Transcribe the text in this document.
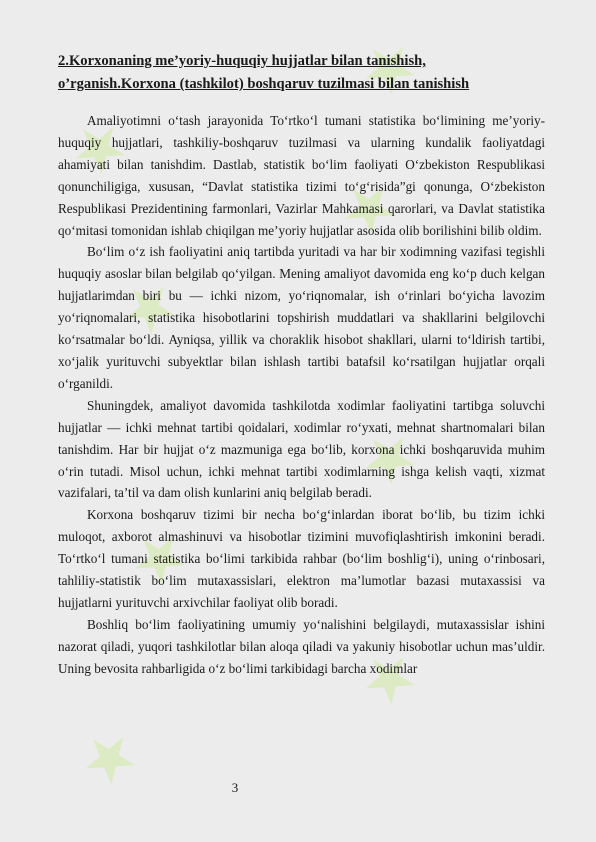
★
★
★
★
★
★
★
★
2.Korxonaning me’yoriy-huquqiy hujjatlar bilan tanishish,
o’rganish.Korxona (tashkilot) boshqaruv tuzilmasi bilan tanishish

Amaliyotimni o‘tash jarayonida To‘rtko‘l tumani statistika bo‘limining me’yoriy-huquqiy hujjatlari, tashkiliy-boshqaruv tuzilmasi va ularning kundalik faoliyatdagi ahamiyati bilan tanishdim. Dastlab, statistik bo‘lim faoliyati O‘zbekiston Respublikasi qonunchiligiga, xususan, “Davlat statistika tizimi to‘g‘risida”gi qonunga, O‘zbekiston Respublikasi Prezidentining farmonlari, Vazirlar Mahkamasi qarorlari, va Davlat statistika qo‘mitasi tomonidan ishlab chiqilgan me’yoriy hujjatlar asosida olib borilishini bilib oldim.

Bo‘lim o‘z ish faoliyatini aniq tartibda yuritadi va har bir xodimning vazifasi tegishli huquqiy asoslar bilan belgilab qo‘yilgan. Mening amaliyot davomida eng ko‘p duch kelgan hujjatlarimdan biri bu — ichki nizom, yo‘riqnomalar, ish o‘rinlari bo‘yicha lavozim yo‘riqnomalari, statistika hisobotlarini topshirish muddatlari va shakllarini belgilovchi ko‘rsatmalar bo‘ldi. Ayniqsa, yillik va choraklik hisobot shakllari, ularni to‘ldirish tartibi, xo‘jalik yurituvchi subyektlar bilan ishlash tartibi batafsil ko‘rsatilgan hujjatlar orqali o‘rganildi.

Shuningdek, amaliyot davomida tashkilotda xodimlar faoliyatini tartibga soluvchi hujjatlar — ichki mehnat tartibi qoidalari, xodimlar ro‘yxati, mehnat shartnomalari bilan tanishdim. Har bir hujjat o‘z mazmuniga ega bo‘lib, korxona ichki boshqaruvida muhim o‘rin tutadi. Misol uchun, ichki mehnat tartibi xodimlarning ishga kelish vaqti, xizmat vazifalari, ta’til va dam olish kunlarini aniq belgilab beradi.

Korxona boshqaruv tizimi bir necha bo‘g‘inlardan iborat bo‘lib, bu tizim ichki muloqot, axborot almashinuvi va hisobotlar tizimini muvofiqlashtirish imkonini beradi. To‘rtko‘l tumani statistika bo‘limi tarkibida rahbar (bo‘lim boshlig‘i), uning o‘rinbosari, tahliliy-statistik bo‘lim mutaxassislari, elektron ma’lumotlar bazasi mutaxassisi va hujjatlarni yurituvchi arxivchilar faoliyat olib boradi.

Boshliq bo‘lim faoliyatining umumiy yo‘nalishini belgilaydi, mutaxassislar ishini nazorat qiladi, yuqori tashkilotlar bilan aloqa qiladi va yakuniy hisobotlar uchun mas’uldir. Uning bevosita rahbarligida o‘z bo‘limi tarkibidagi barcha xodimlar

3
